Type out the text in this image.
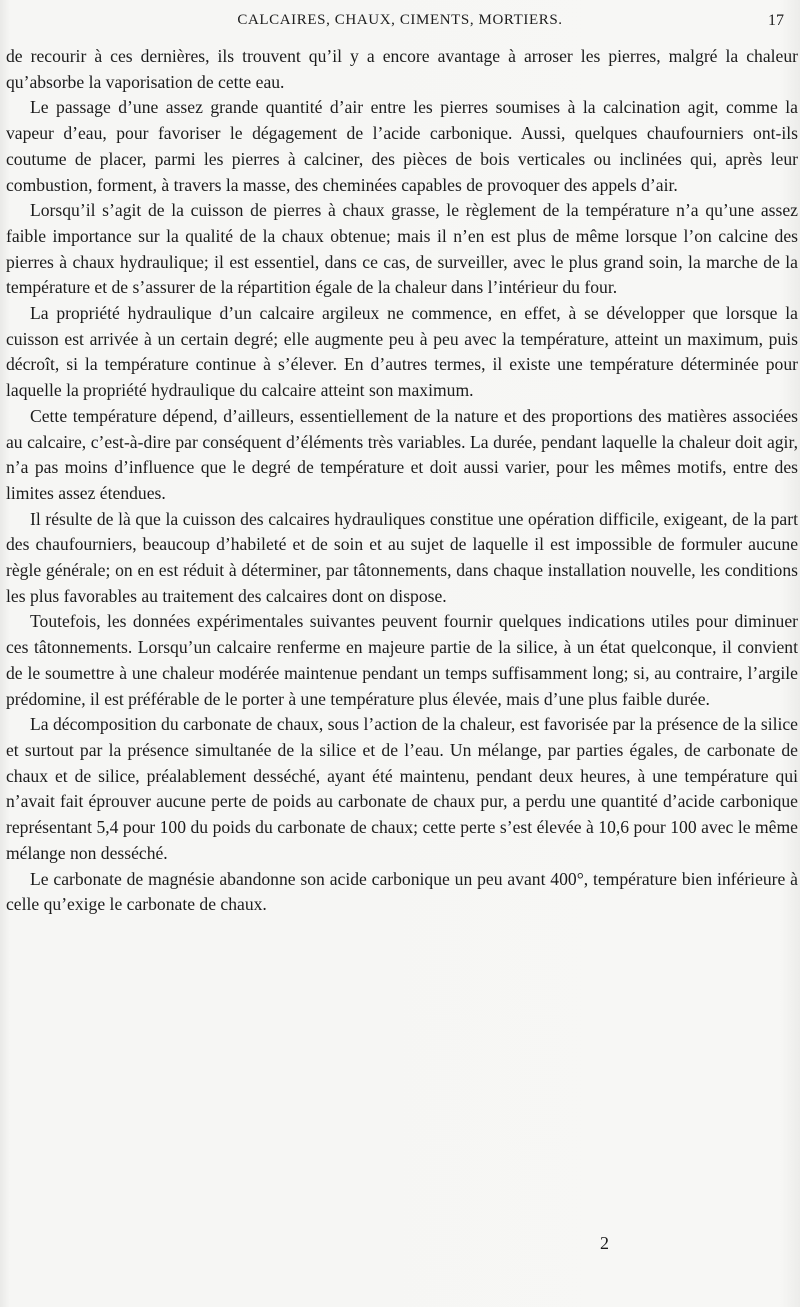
CALCAIRES, CHAUX, CIMENTS, MORTIERS.	17

de recourir à ces dernières, ils trouvent qu’il y a encore avantage à arroser les pierres, malgré la chaleur qu’absorbe la vaporisation de cette eau.

Le passage d’une assez grande quantité d’air entre les pierres soumises à la calcination agit, comme la vapeur d’eau, pour favoriser le dégagement de l’acide carbonique. Aussi, quelques chaufourniers ont-ils coutume de placer, parmi les pierres à calciner, des pièces de bois verticales ou inclinées qui, après leur combustion, forment, à travers la masse, des cheminées capables de provoquer des appels d’air.

Lorsqu’il s’agit de la cuisson de pierres à chaux grasse, le règlement de la température n’a qu’une assez faible importance sur la qualité de la chaux obtenue; mais il n’en est plus de même lorsque l’on calcine des pierres à chaux hydraulique; il est essentiel, dans ce cas, de surveiller, avec le plus grand soin, la marche de la température et de s’assurer de la répartition égale de la chaleur dans l’intérieur du four.

La propriété hydraulique d’un calcaire argileux ne commence, en effet, à se développer que lorsque la cuisson est arrivée à un certain degré; elle augmente peu à peu avec la température, atteint un maximum, puis décroît, si la température continue à s’élever. En d’autres termes, il existe une température déterminée pour laquelle la propriété hydraulique du calcaire atteint son maximum.

Cette température dépend, d’ailleurs, essentiellement de la nature et des proportions des matières associées au calcaire, c’est-à-dire par conséquent d’éléments très variables. La durée, pendant laquelle la chaleur doit agir, n’a pas moins d’influence que le degré de température et doit aussi varier, pour les mêmes motifs, entre des limites assez étendues.

Il résulte de là que la cuisson des calcaires hydrauliques constitue une opération difficile, exigeant, de la part des chaufourniers, beaucoup d’habileté et de soin et au sujet de laquelle il est impossible de formuler aucune règle générale; on en est réduit à déterminer, par tâtonnements, dans chaque installation nouvelle, les conditions les plus favorables au traitement des calcaires dont on dispose.

Toutefois, les données expérimentales suivantes peuvent fournir quelques indications utiles pour diminuer ces tâtonnements. Lorsqu’un calcaire renferme en majeure partie de la silice, à un état quelconque, il convient de le soumettre à une chaleur modérée maintenue pendant un temps suffisamment long; si, au contraire, l’argile prédomine, il est préférable de le porter à une température plus élevée, mais d’une plus faible durée.

La décomposition du carbonate de chaux, sous l’action de la chaleur, est favorisée par la présence de la silice et surtout par la présence simultanée de la silice et de l’eau. Un mélange, par parties égales, de carbonate de chaux et de silice, préalablement desséché, ayant été maintenu, pendant deux heures, à une température qui n’avait fait éprouver aucune perte de poids au carbonate de chaux pur, a perdu une quantité d’acide carbonique représentant 5,4 pour 100 du poids du carbonate de chaux; cette perte s’est élevée à 10,6 pour 100 avec le même mélange non desséché.

Le carbonate de magnésie abandonne son acide carbonique un peu avant 400°, température bien inférieure à celle qu’exige le carbonate de chaux.

2
